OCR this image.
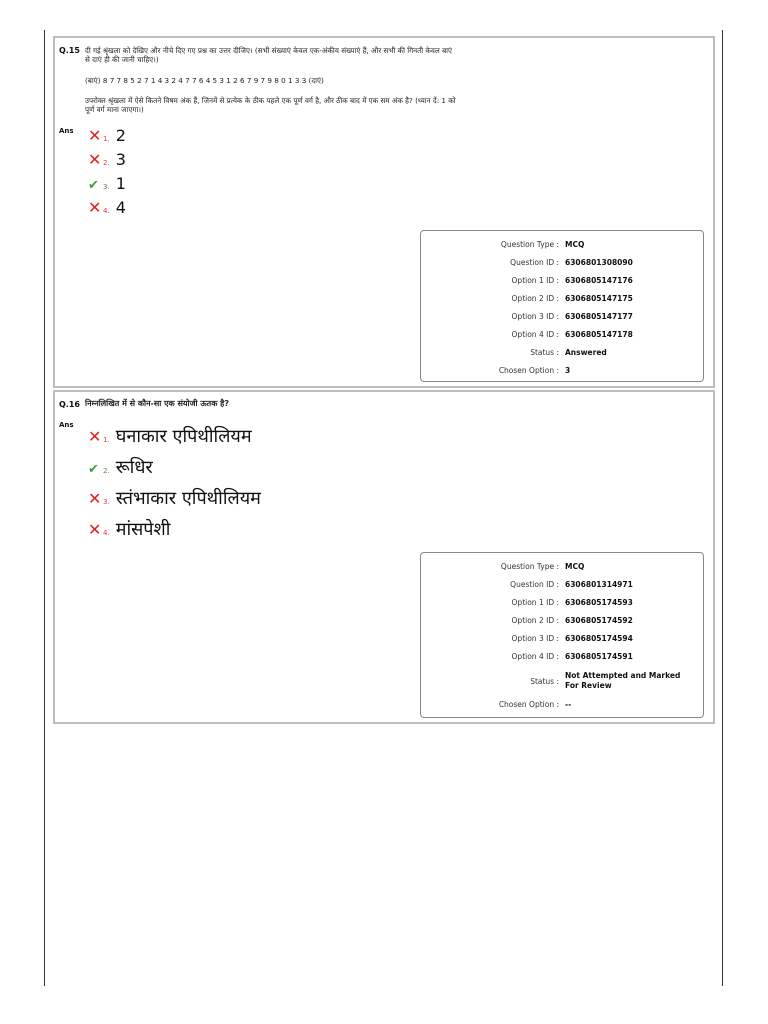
Q.15 दी गई श्रृंखला को देखिए और नीचे दिए गए प्रश्न का उत्तर दीजिए। (सभी संख्याएं केवल एक-अंकीय संख्याएं हैं, और सभी की गिनती केवल बाएं
से दाएं ही की जानी चाहिए।)
(बाएं) 8 7 7 8 5 2 7 1 4 3 2 4 7 7 6 4 5 3 1 2 6 7 9 7 9 8 0 1 3 3 (दाएं)
उपरोक्त श्रृंखला में ऐसे कितने विषम अंक हैं, जिनमें से प्रत्येक के ठीक पहले एक पूर्ण वर्ग है, और ठीक बाद में एक सम अंक है? (ध्यान दें: 1 को
पूर्ण वर्ग माना जाएगा।)
Ans ✕ 1. 2
✕ 2. 3
✔ 3. 1
✕ 4. 4
Question Type : MCQ
Question ID : 6306801308090
Option 1 ID : 6306805147176
Option 2 ID : 6306805147175
Option 3 ID : 6306805147177
Option 4 ID : 6306805147178
Status : Answered
Chosen Option : 3
Q.16 निम्नलिखित में से कौन-सा एक संयोजी ऊतक है?
Ans
✕ 1. घनाकार एपिथीलियम
✔ 2. रूधिर
✕ 3. स्तंभाकार एपिथीलियम
✕ 4. मांसपेशी
Question Type : MCQ
Question ID : 630680131497​1
Option 1 ID : 6306805174593
Option 2 ID : 6306805174592
Option 3 ID : 6306805174594
Option 4 ID : 6306805174591
Status :
Not Attempted and Marked For Review
Chosen Option : --
